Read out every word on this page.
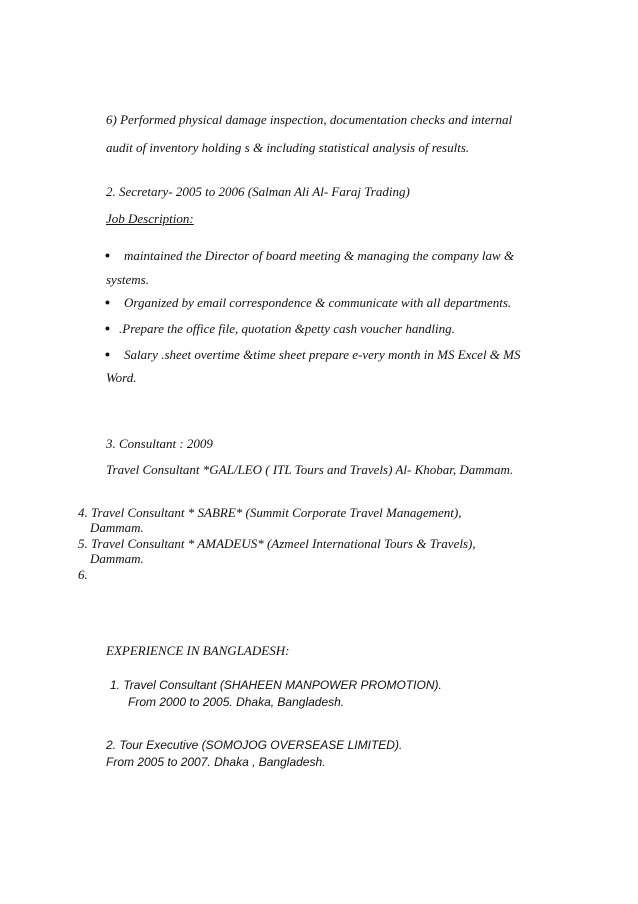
6) Performed physical damage inspection, documentation checks and internal
audit of inventory holding s & including statistical analysis of results.
2. Secretary- 2005 to 2006 (Salman Ali Al- Faraj Trading)
Job Description:
• maintained the Director of board meeting & managing the company law &
systems.
• Organized by email correspondence & communicate with all departments.
• .Prepare the office file, quotation &petty cash voucher handling.
• Salary .sheet overtime &time sheet prepare e-very month in MS Excel & MS
Word.
3. Consultant : 2009
Travel Consultant *GAL/LEO ( ITL Tours and Travels) Al- Khobar, Dammam.
4. Travel Consultant * SABRE* (Summit Corporate Travel Management),
Dammam.
5. Travel Consultant * AMADEUS* (Azmeel International Tours & Travels),
Dammam.
6.
EXPERIENCE IN BANGLADESH:
1. Travel Consultant (SHAHEEN MANPOWER PROMOTION).
From 2000 to 2005. Dhaka, Bangladesh.
2. Tour Executive (SOMOJOG OVERSEASE LIMITED).
From 2005 to 2007. Dhaka , Bangladesh.
